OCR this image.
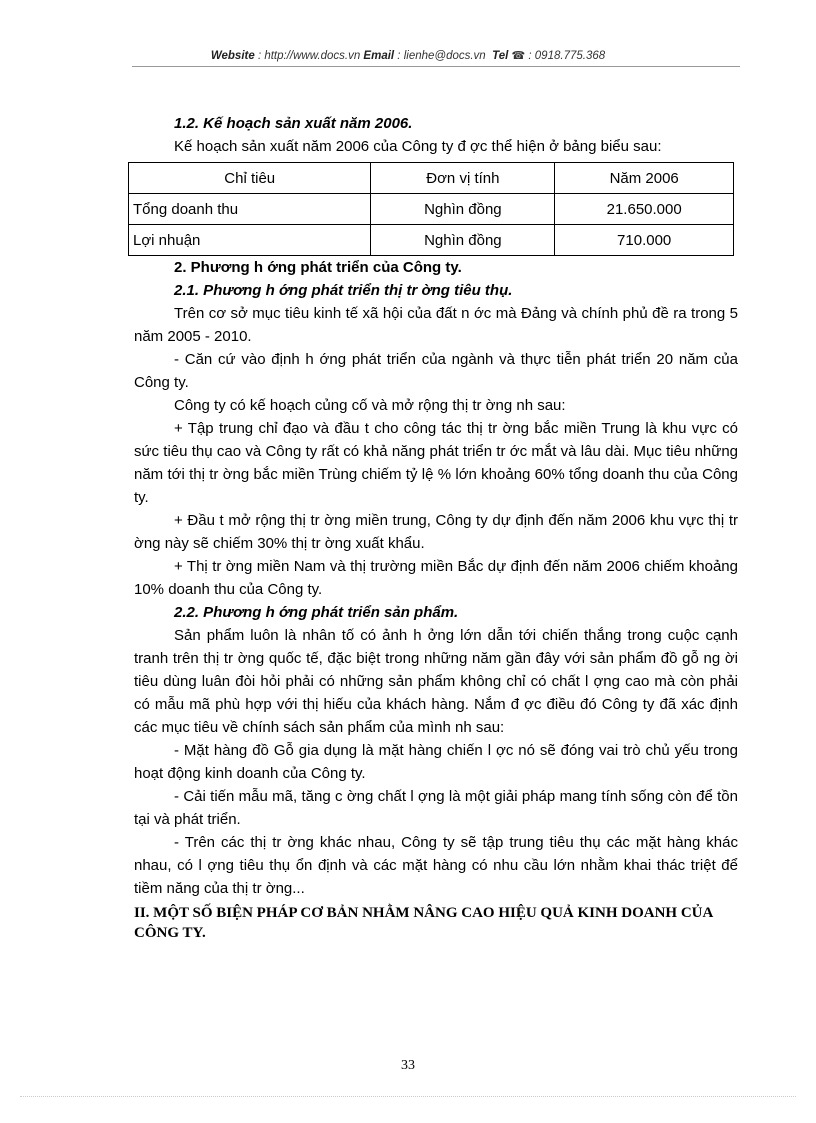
Website : http://www.docs.vn Email : lienhe@docs.vn Tel ☎ : 0918.775.368

1.2. Kế hoạch sản xuất năm 2006.

Kế hoạch sản xuất năm 2006 của Công ty đ ợc thể hiện ở bảng biểu sau:

Chỉ tiêu	Đơn vị tính	Năm 2006
Tổng doanh thu	Nghìn đồng	21.650.000
Lợi nhuận	Nghìn đồng	710.000

2. Phương h ớng phát triển của Công ty.

2.1. Phương h ớng phát triển thị tr ờng tiêu thụ.

Trên cơ sở mục tiêu kinh tế xã hội của đất n ớc mà Đảng và chính phủ đề ra trong 5 năm 2005 - 2010.

- Căn cứ vào định h ớng phát triển của ngành và thực tiễn phát triển 20 năm của Công ty.

Công ty có kế hoạch củng cố và mở rộng thị tr ờng nh sau:

+ Tập trung chỉ đạo và đầu t cho công tác thị tr ờng bắc miền Trung là khu vực có sức tiêu thụ cao và Công ty rất có khả năng phát triển tr ớc mắt và lâu dài. Mục tiêu những năm tới thị tr ờng bắc miền Trùng chiếm tỷ lệ % lớn khoảng 60% tổng doanh thu của Công ty.

+ Đầu t mở rộng thị tr ờng miền trung, Công ty dự định đến năm 2006 khu vực thị tr ờng này sẽ chiếm 30% thị tr ờng xuất khẩu.

+ Thị tr ờng miền Nam và thị trường miền Bắc dự định đến năm 2006 chiếm khoảng 10% doanh thu của Công ty.

2.2. Phương h ớng phát triển sản phẩm.

Sản phẩm luôn là nhân tố có ảnh h ởng lớn dẫn tới chiến thắng trong cuộc cạnh tranh trên thị tr ờng quốc tế, đặc biệt trong những năm gần đây với sản phẩm đồ gỗ ng ời tiêu dùng luân đòi hỏi phải có những sản phẩm không chỉ có chất l ợng cao mà còn phải có mẫu mã phù hợp với thị hiếu của khách hàng. Nắm đ ợc điều đó Công ty đã xác định các mục tiêu về chính sách sản phẩm của mình nh sau:

- Mặt hàng đồ Gỗ gia dụng là mặt hàng chiến l ợc nó sẽ đóng vai trò chủ yếu trong hoạt động kinh doanh của Công ty.

- Cải tiến mẫu mã, tăng c ờng chất l ợng là một giải pháp mang tính sống còn để tồn tại và phát triển.

- Trên các thị tr ờng khác nhau, Công ty sẽ tập trung tiêu thụ các mặt hàng khác nhau, có l ợng tiêu thụ ổn định và các mặt hàng có nhu cầu lớn nhằm khai thác triệt để tiềm năng của thị tr ờng...

II. MỘT SỐ BIỆN PHÁP CƠ BẢN NHẰM NÂNG CAO HIỆU QUẢ KINH DOANH CỦA CÔNG TY.

33
